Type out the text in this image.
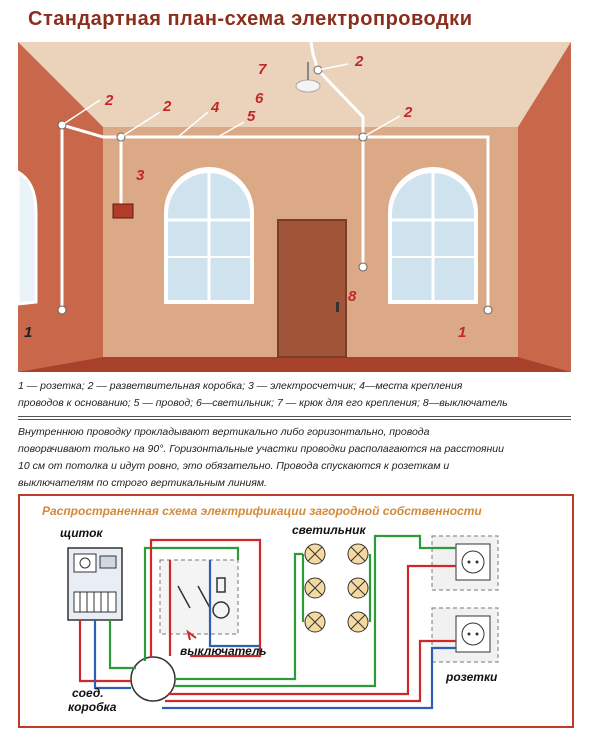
Стандартная план-схема электропроводки
1
2	2	4
5
3
7	2
6
2
8
1
1 — розетка; 2 — разветвительная коробка; 3 — электросчетчик; 4—места крепления
проводов к основанию; 5 — провод; 6—светильник; 7 — крюк для его крепления; 8—выключатель
Внутреннюю проводку прокладывают вертикально либо горизонтально, провода
поворачивают только на 90°. Горизонтальные участки проводки располагаются на расстоянии
10 см от потолка и идут ровно, это обязательно. Провода спускаются к розеткам и
выключателям по строго вертикальным линиям.
Распространенная схема электрификации загородной собственности
щиток	светильник
выключатель
соед.
коробка
розетки
